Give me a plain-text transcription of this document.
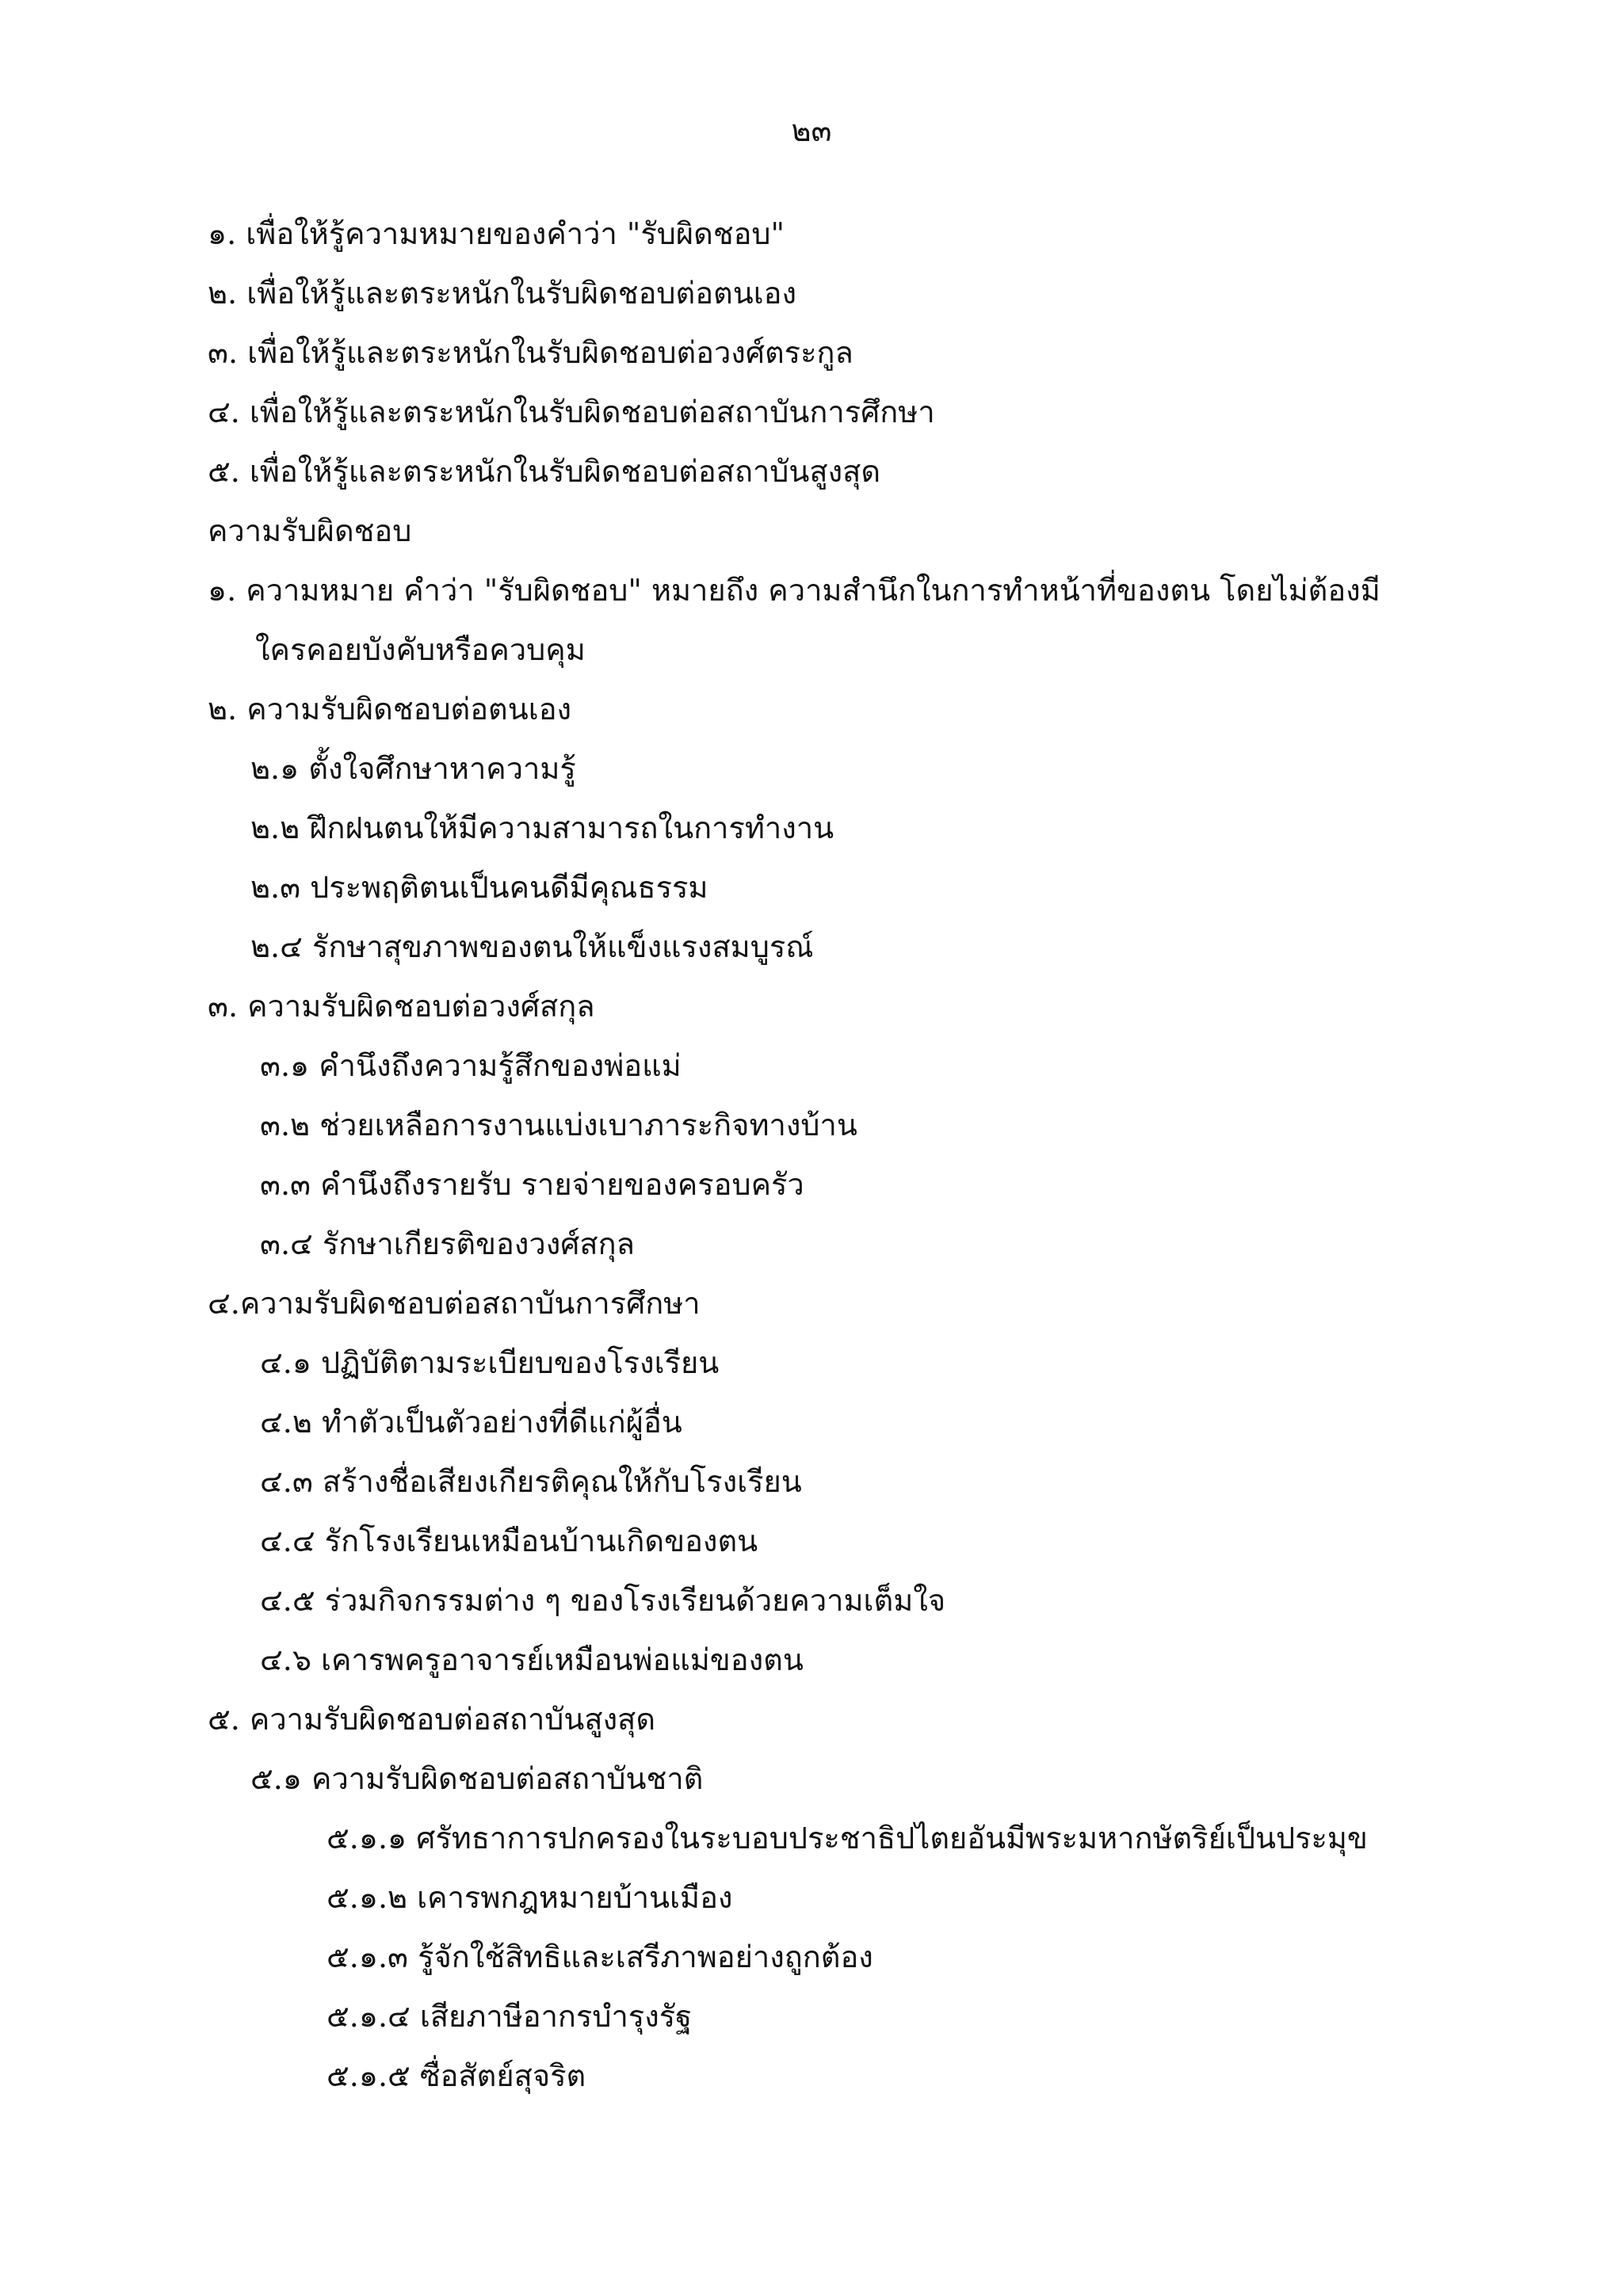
๒๓
๑. เพื่อให้รู้ความหมายของคำว่า "รับผิดชอบ"
๒. เพื่อให้รู้และตระหนักในรับผิดชอบต่อตนเอง
๓. เพื่อให้รู้และตระหนักในรับผิดชอบต่อวงศ์ตระกูล
๔. เพื่อให้รู้และตระหนักในรับผิดชอบต่อสถาบันการศึกษา
๕. เพื่อให้รู้และตระหนักในรับผิดชอบต่อสถาบันสูงสุด
ความรับผิดชอบ
๑. ความหมาย คำว่า "รับผิดชอบ" หมายถึง ความสำนึกในการทำหน้าที่ของตน โดยไม่ต้องมี
ใครคอยบังคับหรือควบคุม
๒. ความรับผิดชอบต่อตนเอง
๒.๑ ตั้งใจศึกษาหาความรู้
๒.๒ ฝึกฝนตนให้มีความสามารถในการทำงาน
๒.๓ ประพฤติตนเป็นคนดีมีคุณธรรม
๒.๔ รักษาสุขภาพของตนให้แข็งแรงสมบูรณ์
๓. ความรับผิดชอบต่อวงศ์สกุล
๓.๑ คำนึงถึงความรู้สึกของพ่อแม่
๓.๒ ช่วยเหลือการงานแบ่งเบาภาระกิจทางบ้าน
๓.๓ คำนึงถึงรายรับ รายจ่ายของครอบครัว
๓.๔ รักษาเกียรติของวงศ์สกุล
๔.ความรับผิดชอบต่อสถาบันการศึกษา
๔.๑ ปฏิบัติตามระเบียบของโรงเรียน
๔.๒ ทำตัวเป็นตัวอย่างที่ดีแก่ผู้อื่น
๔.๓ สร้างชื่อเสียงเกียรติคุณให้กับโรงเรียน
๔.๔ รักโรงเรียนเหมือนบ้านเกิดของตน
๔.๕ ร่วมกิจกรรมต่าง ๆ ของโรงเรียนด้วยความเต็มใจ
๔.๖ เคารพครูอาจารย์เหมือนพ่อแม่ของตน
๕. ความรับผิดชอบต่อสถาบันสูงสุด
๕.๑ ความรับผิดชอบต่อสถาบันชาติ
๕.๑.๑ ศรัทธาการปกครองในระบอบประชาธิปไตยอันมีพระมหากษัตริย์เป็นประมุข
๕.๑.๒ เคารพกฎหมายบ้านเมือง
๕.๑.๓ รู้จักใช้สิทธิและเสรีภาพอย่างถูกต้อง
๕.๑.๔ เสียภาษีอากรบำรุงรัฐ
๕.๑.๕ ซื่อสัตย์สุจริต
